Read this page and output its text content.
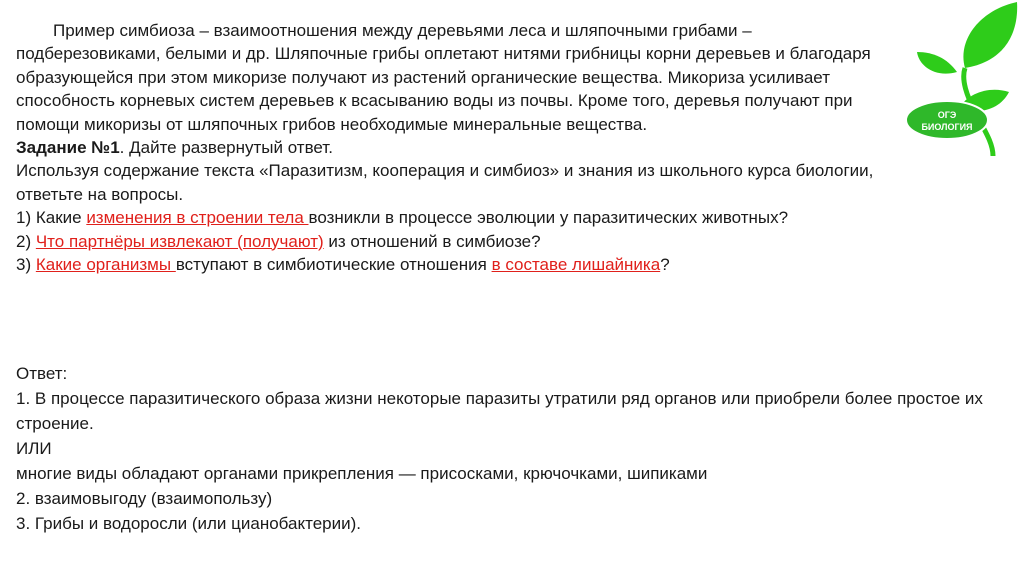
Пример симбиоза – взаимоотношения между деревьями леса и шляпочными грибами – подберезовиками, белыми и др. Шляпочные грибы оплетают нитями грибницы корни деревьев и благодаря образующейся при этом микоризе получают из растений органические вещества. Микориза усиливает способность корневых систем деревьев к всасыванию воды из почвы. Кроме того, деревья получают при помощи микоризы от шляпочных грибов необходимые минеральные вещества.

Задание №1. Дайте развернутый ответ.

Используя содержание текста «Паразитизм, кооперация и симбиоз» и знания из школьного курса биологии, ответьте на вопросы.

1) Какие изменения в строении тела возникли в процессе эволюции у паразитических животных?

2) Что партнёры извлекают (получают) из отношений в симбиозе?

3) Какие организмы вступают в симбиотические отношения в составе лишайника?

Ответ:

1. В процессе паразитического образа жизни некоторые паразиты утратили ряд органов или приобрели более простое их строение.

ИЛИ

многие виды обладают органами прикрепления — присосками, крючочками, шипиками

2. взаимовыгоду (взаимопользу)

3. Грибы и водоросли (или цианобактерии).

ОГЭ
БИОЛОГИЯ
